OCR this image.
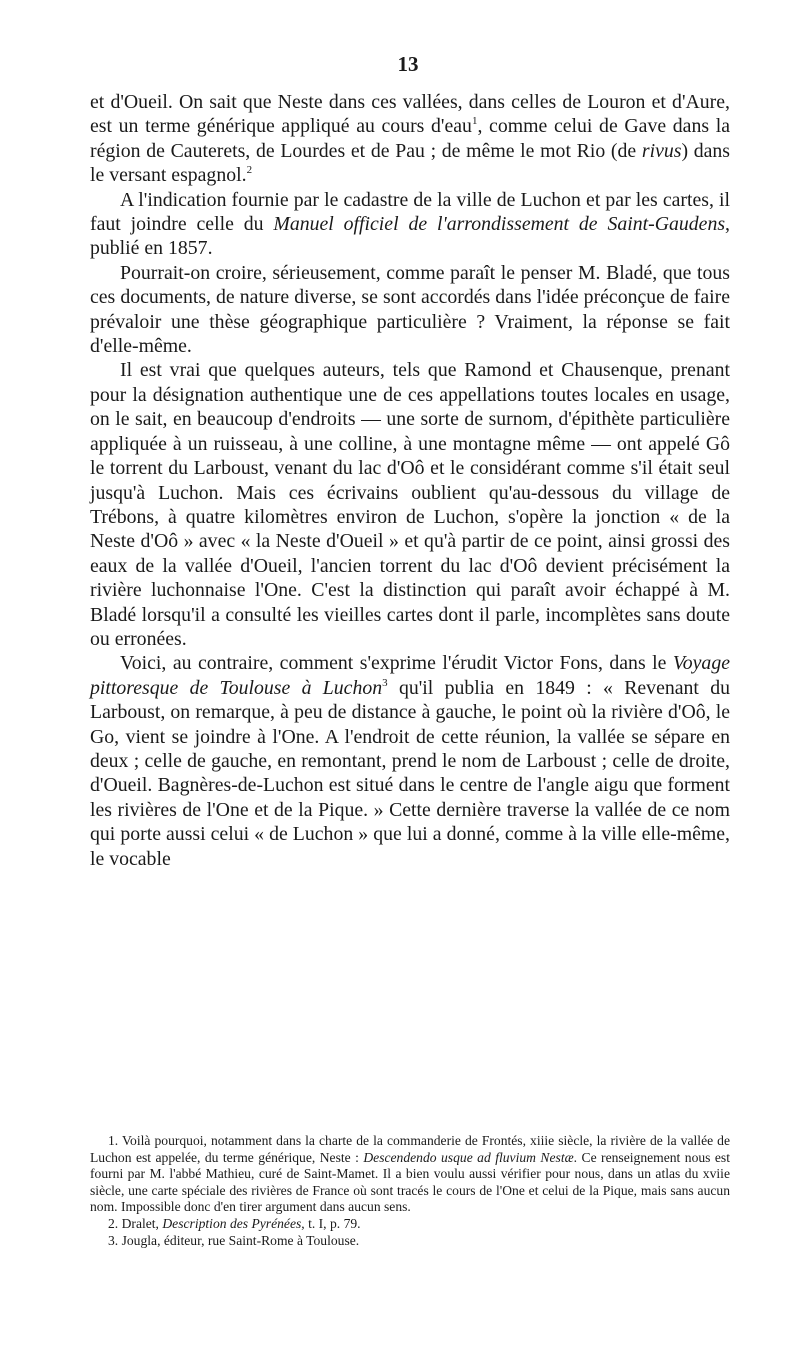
13

et d'Oueil. On sait que Neste dans ces vallées, dans celles de Louron et d'Aure, est un terme générique appliqué au cours d'eau$^1$, comme celui de Gave dans la région de Cauterets, de Lourdes et de Pau ; de même le mot Rio (de rivus) dans le versant espagnol.$^2$

A l'indication fournie par le cadastre de la ville de Luchon et par les cartes, il faut joindre celle du Manuel officiel de l'arrondissement de Saint-Gaudens, publié en 1857.

Pourrait-on croire, sérieusement, comme paraît le penser M. Bladé, que tous ces documents, de nature diverse, se sont accordés dans l'idée préconçue de faire prévaloir une thèse géographique particulière ? Vraiment, la réponse se fait d'elle-même.

Il est vrai que quelques auteurs, tels que Ramond et Chausenque, prenant pour la désignation authentique une de ces appellations toutes locales en usage, on le sait, en beaucoup d'endroits — une sorte de surnom, d'épithète particulière appliquée à un ruisseau, à une colline, à une montagne même — ont appelé Gô le torrent du Larboust, venant du lac d'Oô et le considérant comme s'il était seul jusqu'à Luchon. Mais ces écrivains oublient qu'au-dessous du village de Trébons, à quatre kilomètres environ de Luchon, s'opère la jonction « de la Neste d'Oô » avec « la Neste d'Oueil » et qu'à partir de ce point, ainsi grossi des eaux de la vallée d'Oueil, l'ancien torrent du lac d'Oô devient précisément la rivière luchonnaise l'One. C'est la distinction qui paraît avoir échappé à M. Bladé lorsqu'il a consulté les vieilles cartes dont il parle, incomplètes sans doute ou erronées.

Voici, au contraire, comment s'exprime l'érudit Victor Fons, dans le Voyage pittoresque de Toulouse à Luchon$^3$ qu'il publia en 1849 : « Revenant du Larboust, on remarque, à peu de distance à gauche, le point où la rivière d'Oô, le Go, vient se joindre à l'One. A l'endroit de cette réunion, la vallée se sépare en deux ; celle de gauche, en remontant, prend le nom de Larboust ; celle de droite, d'Oueil. Bagnères-de-Luchon est situé dans le centre de l'angle aigu que forment les rivières de l'One et de la Pique. » Cette dernière traverse la vallée de ce nom qui porte aussi celui « de Luchon » que lui a donné, comme à la ville elle-même, le vocable

1. Voilà pourquoi, notamment dans la charte de la commanderie de Frontés, xiiie siècle, la rivière de la vallée de Luchon est appelée, du terme générique, Neste : Descendendo usque ad fluvium Nestæ. Ce renseignement nous est fourni par M. l'abbé Mathieu, curé de Saint-Mamet. Il a bien voulu aussi vérifier pour nous, dans un atlas du xviie siècle, une carte spéciale des rivières de France où sont tracés le cours de l'One et celui de la Pique, mais sans aucun nom. Impossible donc d'en tirer argument dans aucun sens.

2. Dralet, Description des Pyrénées, t. I, p. 79.

3. Jougla, éditeur, rue Saint-Rome à Toulouse.
